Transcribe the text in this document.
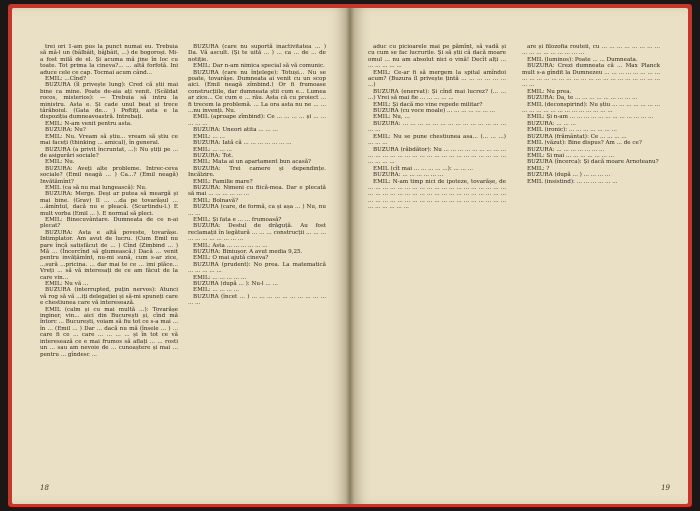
trei ori 1-am pus la punct numai eu. Trebuia să mă-l un (bâlbâit, bâjbâit, ...) de bogoroși. Mi-a fost milă de el. Și acuma mă jine în loc cu toate. Tot prima la cineva?... ... altă forfotă. Ini aduce cele ce cap. Tocmai acum când...

EMIL: ...Cînd?

BUZURA (îl privește lung): Cred că știi mai bine ca mine. Poate de-aia ați venit. (Scăldat rocos, misterios): — Trebuia să intru la ministru. Asta e. Și cade unul beat și trece tărăboiul. (Gata de... ) Poftiți, asta e la dispoziția dumneavoastră. Intrebați.

EMIL: N-am venit pentru asta.

BUZURA: Nu?

EMIL: Nu. Vream să știu... vream să știu ce mai faceți (thinking ... amical), în general.

BUZURA (a privit încruntat, ...): Nu știți pe ... de asigurări sociale?

EMIL: Nu.

BUZURA: Aveți alte probleme. Intrec-ceva sociale? (Emil neagă ... ) Ca...? (Emil neagă) Invătămînt?

EMIL (ca să nu mai lungească): Nu.

BUZURA: Merge. Deși ar putea să meargă și mai bine. (Grav) Il ... ...da pe tovarășul ... ...ămîntul, dacă nu e pleacă. (Scurtindu-l.) E mult vorba (Emil ... ). E normal să pleci.

EMIL: Binecuvântare. Dumneata de ce n-ai plecat?

BUZURA: Asta e altă poveste, tovarășe. Intimplator. Am avut de lucru. (Cum Emil nu pare încă satisfăcut de ... ) Cînd (Zimbind ... ) Mă ... (Încercînd să glumească.) Dacă ... venit pentru invățămînt, nu-mi sună, cum s-ar zice, ...sură ...pricina. ... dar mai te ce ... imi plăce... Vreți ... să vă interesați de ce am făcut de la care vin...

EMIL: Nu vă ...

BUZURA (interrupted, puțin nervos): Atunci vă rog să vă ...iți delegației și să-mi spuneți care e chestiunea care vă interesează.

EMIL (calm și cu mai multă ...): Tovarășe inginer, vin... aici din București și, cînd mă întorc ... București, voiam să fiu tot ce s-a mai ... în ... (Emil ... ) Dar ... dacă nu mă (însele ... ) ... care fi ce ... care ... ... ... ... și în tot ce vă interesează ce e mai frumos să aflați ... ... rosti un ... sau am nevoie de ... cunoaștere și mai ... pentru ... gîndesc ...

BUZURA (care nu suportă inactivitatea ... ) Da. Vă ascult. (Și te uită ... ) ... ca ... de ... de notiție.

EMIL: Dar n-am nimica special să vă comunic.

BUZURA (care nu înțelege): Totuși... Nu se poate, tovarășe. Dumneata ai venit cu un scop aici. (Emil neagă zîmbind.) Or fi frumoase construcțiile, dar dumneata știi cum e... Lumea ar zice... Ce cum e ... rău. Asta că cu proiect ... fi trecem la problemă. ... La ora asta nu ne ... ... ...nu invenți. Nu.

EMIL (aproape zîmbind): Ce ... ... ... ... și ... ... ... ... ...

BUZURA: Uneori atita ... ... ...

EMIL: ... ...

BUZURA: Iată că ... ... ... ... ... ... ...

EMIL: ... ... ...

BUZURA: Tot.

EMIL: Mata ai un apartament bun acasă?

BUZURA: Trei camere și dependințe. Incălzire.

EMIL: Familie mare?

BUZURA: Nimeni cu fiică-mea. Dar e plecată să mai ... ... ... ... ... ...

EMIL: Bolnavă?

BUZURA (care, de formă, ca și așa ... ) Nu, nu ... ...

EMIL: Și fata e ... ... frumoasă?

BUZURA: Destul de drăguță. Au fost reclamații în legătură ... ... ... construcții ... ... ... ... ... ... ... ... ... ... ...

EMIL: Asta ... ... ... ... ... ...

BUZURA: Biniușor. A avut media 9,25.

EMIL: O mai ajută cineva?

BUZURA (prudent): No prea. La matematică ... ... ... ... ...

EMIL: ... ... ... ... ...

BUZURA (după ... ): Nu-l ... ...

EMIL: ... ... ... ...

BUZURA (încet ... ) ... ... ... ... ... ... ... ... ... ... ... ...

18

aduc cu picioarele mai pe pămînt, să vadă și cu cum se fac lucrurile. Și să știi că dacă moare omul ... nu am absolut nici o vină! Decît alți ... ... ... ... ... ...

EMIL: Ce-ar fi să mergem la spital amîndoi acum? (Buzura îl privește țintă ... ... ... ... ... ... ...)

BUZURA (enervat): Și cînd mai lucrez? (... ... ...) Vrei să mai fie ... ... ... ... ...

EMIL: Și dacă mo vine repede militar?

BUZURA (cu voce moale) ... ... ... ... ... ... ...

EMIL: Nu, ...

BUZURA: ... ... ... ... ... ... ... ... ... ... ... ... ... ... ... ...

EMIL: Nu se pune chestiunea asa... (... ... ...) ... ... ...

BUZURA (răbdător): Nu ... ... ... ... ... ... ... ... ... ... ... ... ... ... ... ... ... ... ... ... ... ... ... ... ... ... ... ... ... ... ... ...

EMIL (cît mai ... ... ... ... ...): ... ... ...

BUZURA: ... ... ... ... ... ...

EMIL: N-am timp nici de ipoteze, tovarășe, de ... ... ... ... ... ... ... ... ... ... ... ... ... ... ... ... ... ... ... ... ... ... ... ... ... ... ... ... ... ... ... ... ... ... ... ... ... ... ... ... ... ... ... ... ... ... ... ... ... ... ... ... ... ... ... ... ... ... ... ... ... ... ...

are și filozofia routeii, cu ... ... ... ... ... ... ... ... ... ... ... ... ... ... ... ... ...

EMIL (luminos): Poate ... ... Dumneata.

BUZURA: Crezi dumneata că ... Max Planck mult s-a gîndit la Dumnezeu ... ... ... ... ... ... ... ... ... ... ... ... ... ... ... ... ... ... ... ... ... ... ... ... ... ... ... ... ...

EMIL: Nu prea.

BUZURA: Da, te ... ... ... ... ... ... ... ... ...

EMIL (deconspirind): Nu știu ... ... ... ... ... ... ... ... ... ... ... ... ... ... ... ... ... ... ... ...

EMIL: Și n-am ... ... ... ... ... ... ... ... ... ... ... ...

BUZURA: ... ... ...

EMIL (ironic): ... ... ... ... ... ... ...

BUZURA (frământat): Ce ... ... ... ...

EMIL (văzut): Bine dispus? Am ... de ce?

BUZURA: ... ... ... ... ... ... ...

EMIL: Si mai ... ... ... ... ... ... ...

BUZURA (încerca): Și dacă moare Arnoteanu?

EMIL: ?

BUZURA (după ... ) ... ... ... ...

EMIL (insistind): ... ... ... ... ... ...

19
